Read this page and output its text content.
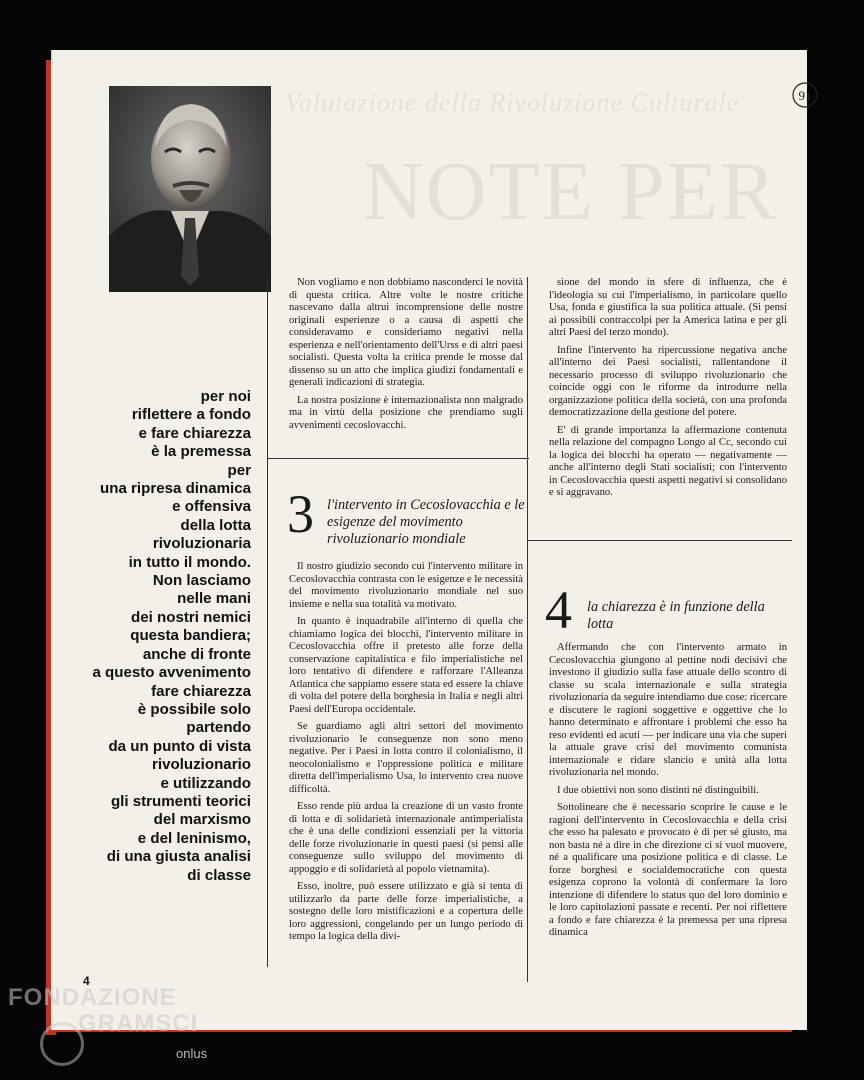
Valutazione della Rivoluzione Culturale
NOTE PER
91
per noi
riflettere a fondo
e fare chiarezza
è la premessa
per
una ripresa dinamica
e offensiva
della lotta
rivoluzionaria
in tutto il mondo.
Non lasciamo
nelle mani
dei nostri nemici
questa bandiera;
anche di fronte
a questo avvenimento
fare chiarezza
è possibile solo
partendo
da un punto di vista
rivoluzionario
e utilizzando
gli strumenti teorici
del marxismo
e del leninismo,
di una giusta analisi
di classe

Non vogliamo e non dobbiamo nasconderci le novità di questa critica. Altre volte le nostre critiche nascevano dalla altrui incomprensione delle nostre originali esperienze o a causa di aspetti che consideravamo e consideriamo negativi nella esperienza e nell'orientamento dell'Urss e di altri paesi socialisti. Questa volta la critica prende le mosse dal dissenso su un atto che implica giudizi fondamentali e generali indicazioni di strategia.

La nostra posizione è internazionalista non malgrado ma in virtù della posizione che prendiamo sugli avvenimenti cecoslovacchi.

3 l'intervento in Cecoslovacchia e le esigenze del movimento rivoluzionario mondiale

Il nostro giudizio secondo cui l'intervento militare in Cecoslovacchia contrasta con le esigenze e le necessità del movimento rivoluzionario mondiale nel suo insieme e nella sua totalità va motivato.

In quanto è inquadrabile all'interno di quella che chiamiamo logica dei blocchi, l'intervento militare in Cecoslovacchia offre il pretesto alle forze della conservazione capitalistica e filo imperialistiche nel loro tentativo di difendere e rafforzare l'Alleanza Atlantica che sappiamo essere stata ed essere la chiave di volta del potere della borghesia in Italia e negli altri Paesi dell'Europa occidentale.

Se guardiamo agli altri settori del movimento rivoluzionario le conseguenze non sono meno negative. Per i Paesi in lotta contro il colonialismo, il neocolonialismo e l'oppressione politica e militare diretta dell'imperialismo Usa, lo intervento crea nuove difficoltà.

Esso rende più ardua la creazione di un vasto fronte di lotta e di solidarietà internazionale antimperialista che è una delle condizioni essenziali per la vittoria delle forze rivoluzionarie in questi paesi (si pensi alle conseguenze sullo sviluppo del movimento di appoggio e di solidarietà al popolo vietnamita).

Esso, inoltre, può essere utilizzato e già si tenta di utilizzarlo da parte delle forze imperialistiche, a sostegno delle loro mistificazioni e a copertura delle loro aggressioni, congelando per un lungo periodo di tempo la logica della divi-

sione del mondo in sfere di influenza, che è l'ideologia su cui l'imperialismo, in particolare quello Usa, fonda e giustifica la sua politica attuale. (Si pensi ai possibili contraccolpi per la America latina e per gli altri Paesi del terzo mondo).

Infine l'intervento ha ripercussione negativa anche all'interno dei Paesi socialisti, rallentandone il necessario processo di sviluppo rivoluzionario che coincide oggi con le riforme da introdurre nella organizzazione politica della società, con una profonda democratizzazione della gestione del potere.

E' di grande importanza la affermazione contenuta nella relazione del compagno Longo al Cc, secondo cui la logica dei blocchi ha operato — negativamente — anche all'interno degli Stati socialisti; con l'intervento in Cecoslovacchia questi aspetti negativi si consolidano e si aggravano.

4 la chiarezza è in funzione della lotta

Affermando che con l'intervento armato in Cecoslovacchia giungono al pettine nodi decisivi che investono il giudizio sulla fase attuale dello scontro di classe su scala internazionale e sulla strategia rivoluzionaria da seguire intendiamo due cose: ricercare e discutere le ragioni soggettive e oggettive che lo hanno determinato e affrontare i problemi che esso ha reso evidenti ed acuti — per indicare una via che superi la attuale grave crisi del movimento comunista internazionale e ridare slancio e unità alla lotta rivoluzionaria nel mondo.

I due obiettivi non sono distinti né distinguibili.

Sottolineare che è necessario scoprire le cause e le ragioni dell'intervento in Cecoslovacchia e della crisi che esso ha palesato e provocato è di per sé giusto, ma non basta né a dire in che direzione ci si vuol muovere, né a qualificare una posizione politica e di classe. Le forze borghesi e socialdemocratiche con questa esigenza coprono la volontà di confermare la loro intenzione di difendere lo status quo del loro dominio e le loro capitolazioni passate e recenti. Per noi riflettere a fondo e fare chiarezza è la premessa per una ripresa dinamica

4
FONDAZIONE
GRAMSCI
onlus
